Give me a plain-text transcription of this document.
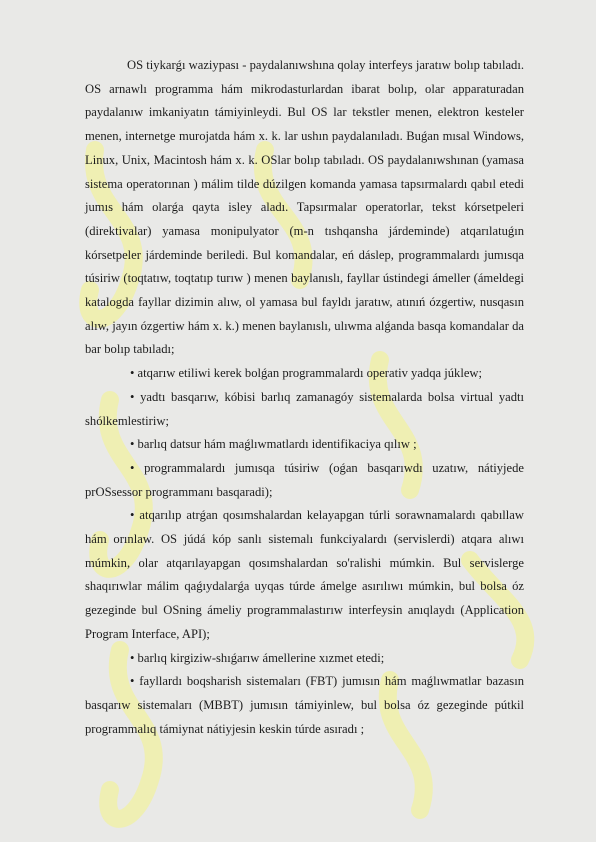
OS tiykarǵı waziypası - paydalanıwshına qolay interfeys jaratıw bolıp tabıladı. OS arnawlı programma hám mikrodasturlardan ibarat bolıp, olar apparaturadan paydalanıw imkaniyatın támiyinleydi. Bul OS lar tekstler menen, elektron kesteler menen, internetge murojatda hám x. k. lar ushın paydalanıladı. Buǵan mısal Windows, Linux, Unix, Macintosh hám x. k. OSlar bolıp tabıladı. OS paydalanıwshınan (yamasa sistema operatorınan ) málim tilde dúzilgen komanda yamasa tapsırmalardı qabıl etedi jumıs hám olarǵa qayta isley aladı. Tapsırmalar operatorlar, tekst kórsetpeleri (direktivalar) yamasa monipulyator (m-n tıshqansha járdeminde) atqarılatuǵın kórsetpeler járdeminde beriledi. Bul komandalar, eń dáslep, programmalardı jumısqa túsiriw (toqtatıw, toqtatıp turıw ) menen baylanıslı, fayllar ústindegi ámeller (ámeldegi katalogda fayllar dizimin alıw, ol yamasa bul fayldı jaratıw, atınıń ózgertiw, nusqasın alıw, jayın ózgertiw hám x. k.) menen baylanıslı, ulıwma alǵanda basqa komandalar da bar bolıp tabıladı;

• atqarıw etiliwi kerek bolǵan programmalardı operativ yadqa júklew;

• yadtı basqarıw, kóbisi barlıq zamanagóy sistemalarda bolsa virtual yadtı shólkemlestiriw;

• barlıq datsur hám maǵlıwmatlardı identifikaciya qılıw ;

• programmalardı jumısqa túsiriw (oǵan basqarıwdı uzatıw, nátiyjede prOSsessor programmanı basqaradi);

• atqarılıp atrǵan qosımshalardan kelayapgan túrli sorawnamalardı qabıllaw hám orınlaw. OS júdá kóp sanlı sistemalı funkciyalardı (servislerdi) atqara alıwı múmkin, olar atqarılayapgan qosımshalardan so'ralishi múmkin. Bul servislerge shaqırıwlar málim qaǵıydalarǵa uyqas túrde ámelge asırılıwı múmkin, bul bolsa óz gezeginde bul OSning ámeliy programmalastırıw interfeysin anıqlaydı (Application Program Interface, API);

• barlıq kirgiziw-shıǵarıw ámellerine xızmet etedi;

• fayllardı boqsharish sistemaları (FBT) jumısın hám maǵlıwmatlar bazasın basqarıw sistemaları (MBBT) jumısın támiyinlew, bul bolsa óz gezeginde pútkil programmalıq támiynat nátiyjesin keskin túrde asıradı ;
